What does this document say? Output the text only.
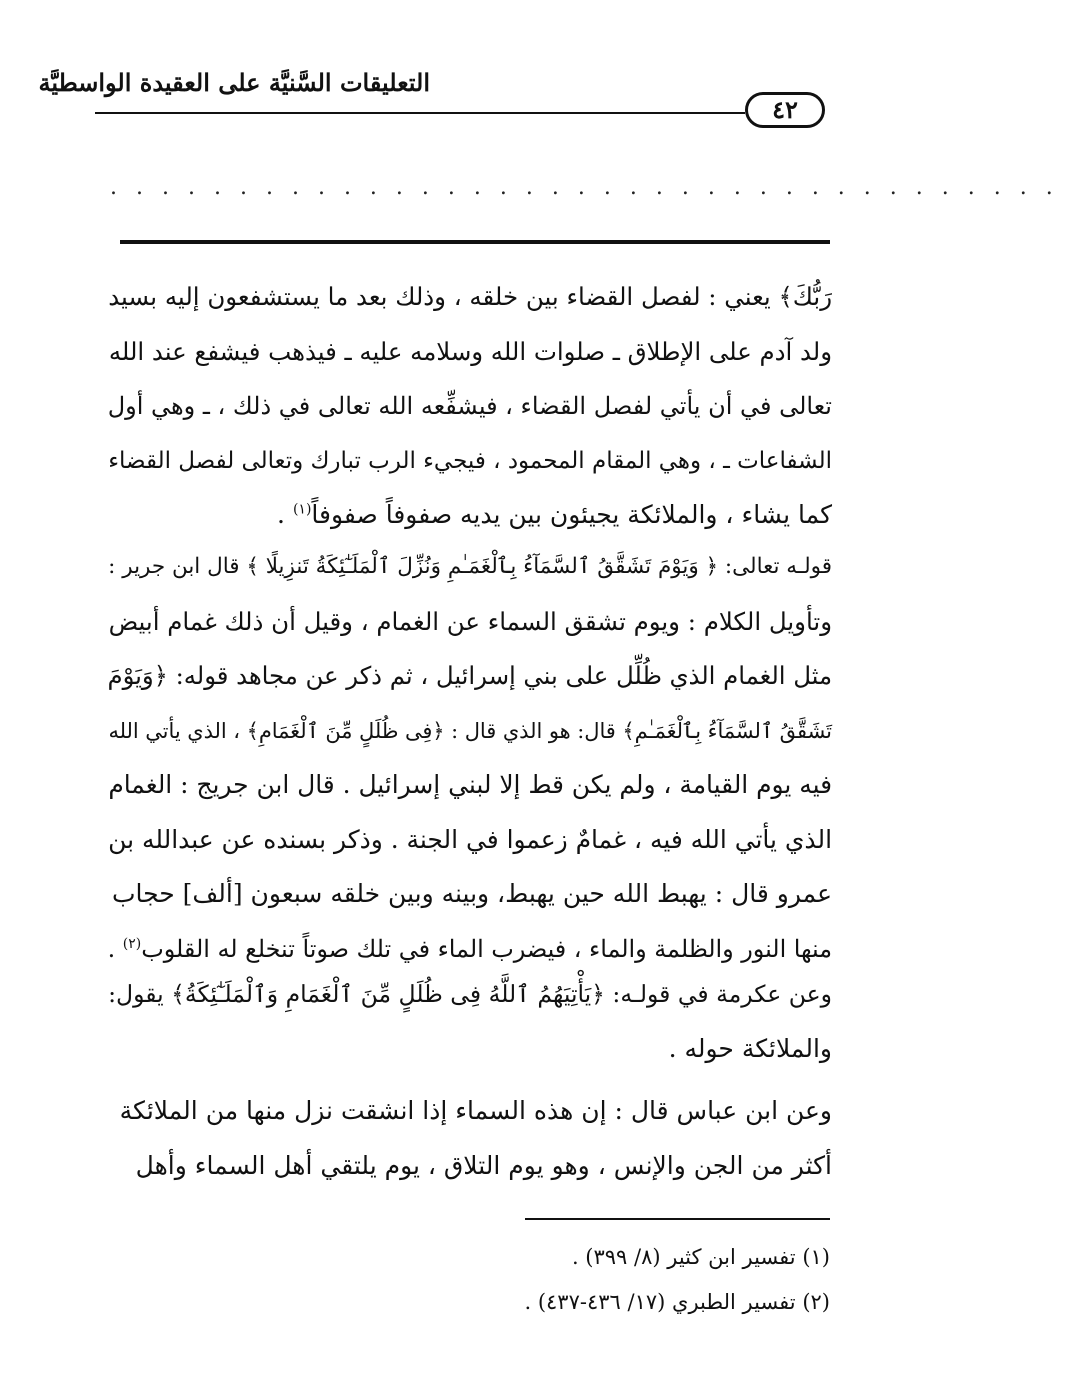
التعليقات السَّنيَّة على العقيدة الواسطيَّة
٤٢
.....................................
رَبُّكَ﴾ يعني : لفصل القضاء بين خلقه ، وذلك بعد ما يستشفعون إليه بسيد
ولد آدم على الإطلاق ـ صلوات الله وسلامه عليه ـ فيذهب فيشفع عند الله
تعالى في أن يأتي لفصل القضاء ، فيشفِّعه الله تعالى في ذلك ، ـ وهي أول
الشفاعات ـ ، وهي المقام المحمود ، فيجيء الرب تبارك وتعالى لفصل القضاء
كما يشاء ، والملائكة يجيئون بين يديه صفوفاً صفوفاً$^{(١)}$ .
قولـه تعالى: ﴿ وَيَوْمَ تَشَقَّقُ ٱلسَّمَآءُ بِٱلْغَمَـٰمِ وَنُزِّلَ ٱلْمَلَـٰٓئِكَةُ تَنزِيلًا ﴾ قال ابن جرير :
وتأويل الكلام : ويوم تشقق السماء عن الغمام ، وقيل أن ذلك غمام أبيض
مثل الغمام الذي ظُلِّل على بني إسرائيل ، ثم ذكر عن مجاهد قوله: ﴿وَيَوْمَ
تَشَقَّقُ ٱلسَّمَآءُ بِٱلْغَمَـٰمِ﴾ قال: هو الذي قال : ﴿فِى ظُلَلٍ مِّنَ ٱلْغَمَامِ﴾ ، الذي يأتي الله
فيه يوم القيامة ، ولم يكن قط إلا لبني إسرائيل . قال ابن جريج : الغمام
الذي يأتي الله فيه ، غمامٌ زعموا في الجنة . وذكر بسنده عن عبدالله بن
عمرو قال : يهبط الله حين يهبط، وبينه وبين خلقه سبعون [ألف] حجاب
منها النور والظلمة والماء ، فيضرب الماء في تلك صوتاً تنخلع له القلوب$^{(٢)}$ .
وعن عكرمة في قولـه: ﴿يَأْتِيَهُمُ ٱللَّهُ فِى ظُلَلٍ مِّنَ ٱلْغَمَامِ وَٱلْمَلَـٰٓئِكَةُ﴾ يقول:
والملائكة حوله .
وعن ابن عباس قال : إن هذه السماء إذا انشقت نزل منها من الملائكة
أكثر من الجن والإنس ، وهو يوم التلاق ، يوم يلتقي أهل السماء وأهل
(١) تفسير ابن كثير (٨/ ٣٩٩) .
(٢) تفسير الطبري (١٧/ ٤٣٦-٤٣٧) .
